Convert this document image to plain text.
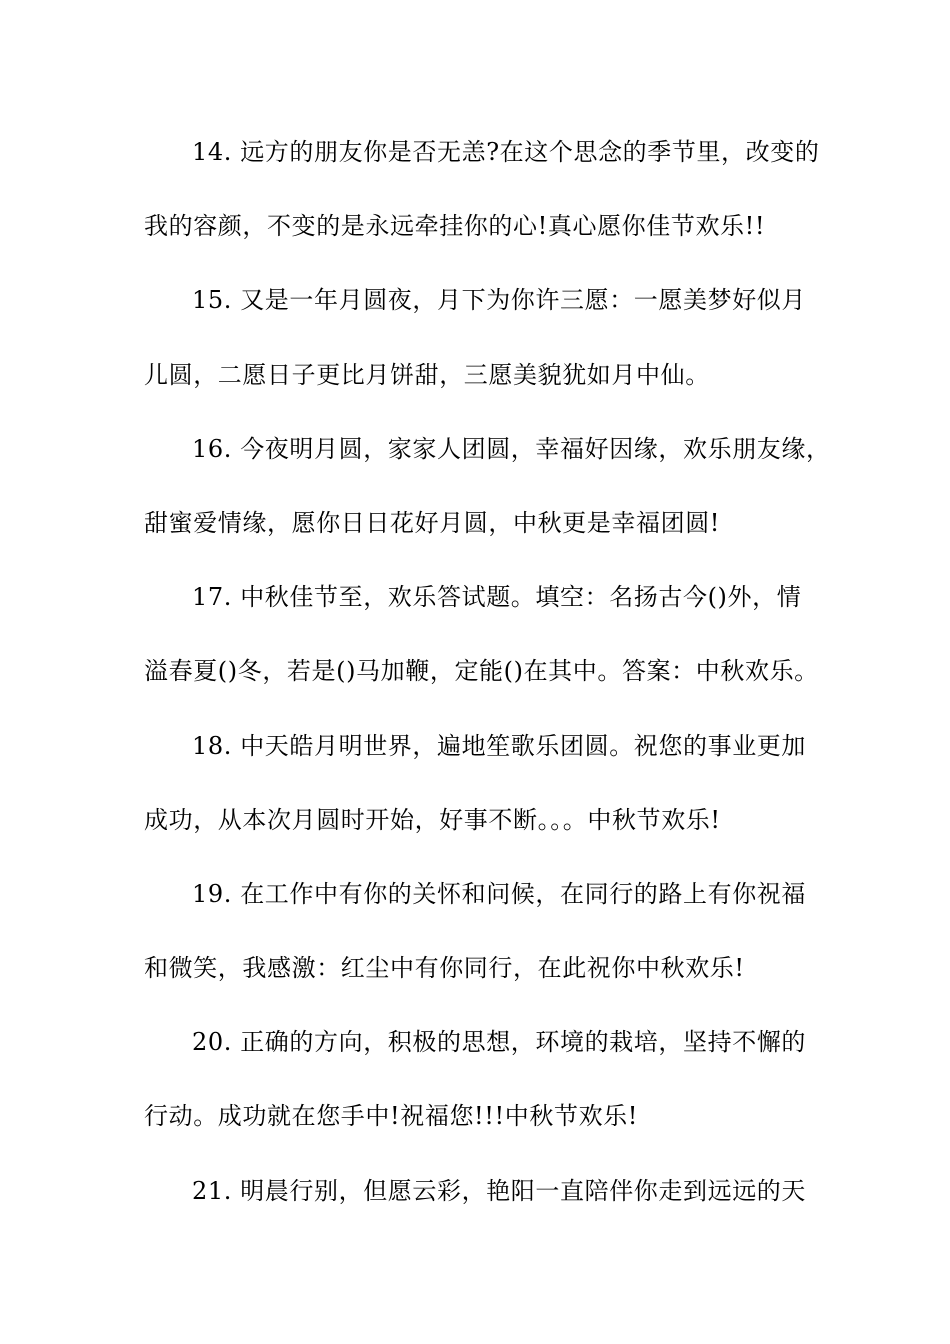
14. 远方的朋友你是否无恙?在这个思念的季节里，改变的
我的容颜，不变的是永远牵挂你的心!真心愿你佳节欢乐!!
15. 又是一年月圆夜，月下为你许三愿：一愿美梦好似月
儿圆，二愿日子更比月饼甜，三愿美貌犹如月中仙。
16. 今夜明月圆，家家人团圆，幸福好因缘，欢乐朋友缘，
甜蜜爱情缘，愿你日日花好月圆，中秋更是幸福团圆!
17. 中秋佳节至，欢乐答试题。填空：名扬古今()外，情
溢春夏()冬，若是()马加鞭，定能()在其中。答案：中秋欢乐。
18. 中天皓月明世界，遍地笙歌乐团圆。祝您的事业更加
成功，从本次月圆时开始，好事不断。。。中秋节欢乐!
19. 在工作中有你的关怀和问候，在同行的路上有你祝福
和微笑，我感激：红尘中有你同行，在此祝你中秋欢乐!
20. 正确的方向，积极的思想，环境的栽培，坚持不懈的
行动。成功就在您手中!祝福您!!!中秋节欢乐!
21. 明晨行别，但愿云彩，艳阳一直陪伴你走到远远的天
